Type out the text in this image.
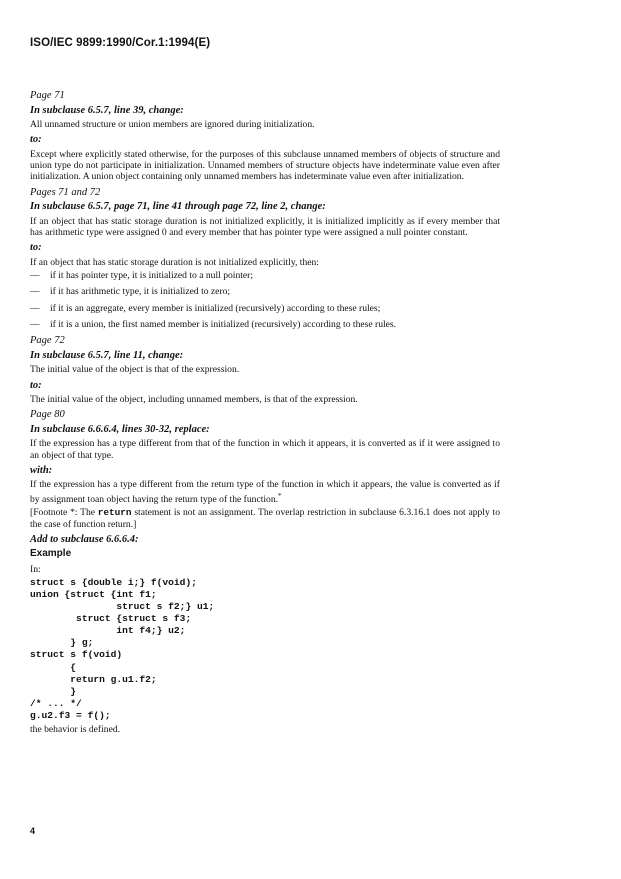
ISO/IEC 9899:1990/Cor.1:1994(E)
Page 71
In subclause 6.5.7, line 39, change:
All unnamed structure or union members are ignored during initialization.
to:
Except where explicitly stated otherwise, for the purposes of this subclause unnamed members of objects of structure and union type do not participate in initialization. Unnamed members of structure objects have indeterminate value even after initialization. A union object containing only unnamed members has indeterminate value even after initialization.
Pages 71 and 72
In subclause 6.5.7, page 71, line 41 through page 72, line 2, change:
If an object that has static storage duration is not initialized explicitly, it is initialized implicitly as if every member that has arithmetic type were assigned 0 and every member that has pointer type were assigned a null pointer constant.
to:
If an object that has static storage duration is not initialized explicitly, then:
— if it has pointer type, it is initialized to a null pointer;
— if it has arithmetic type, it is initialized to zero;
— if it is an aggregate, every member is initialized (recursively) according to these rules;
— if it is a union, the first named member is initialized (recursively) according to these rules.
Page 72
In subclause 6.5.7, line 11, change:
The initial value of the object is that of the expression.
to:
The initial value of the object, including unnamed members, is that of the expression.
Page 80
In subclause 6.6.6.4, lines 30-32, replace:
If the expression has a type different from that of the function in which it appears, it is converted as if it were assigned to an object of that type.
with:
If the expression has a type different from the return type of the function in which it appears, the value is converted as if by assignment toan object having the return type of the function.*
[Footnote *: The return statement is not an assignment. The overlap restriction in subclause 6.3.16.1 does not apply to the case of function return.]
Add to subclause 6.6.6.4:
Example
In:
struct s {double i;} f(void);
union {struct {int f1;
struct s f2;} u1;
struct {struct s f3;
int f4;} u2;
} g;
struct s f(void)
{
return g.u1.f2;
}
/* ... */
g.u2.f3 = f();
the behavior is defined.
4
